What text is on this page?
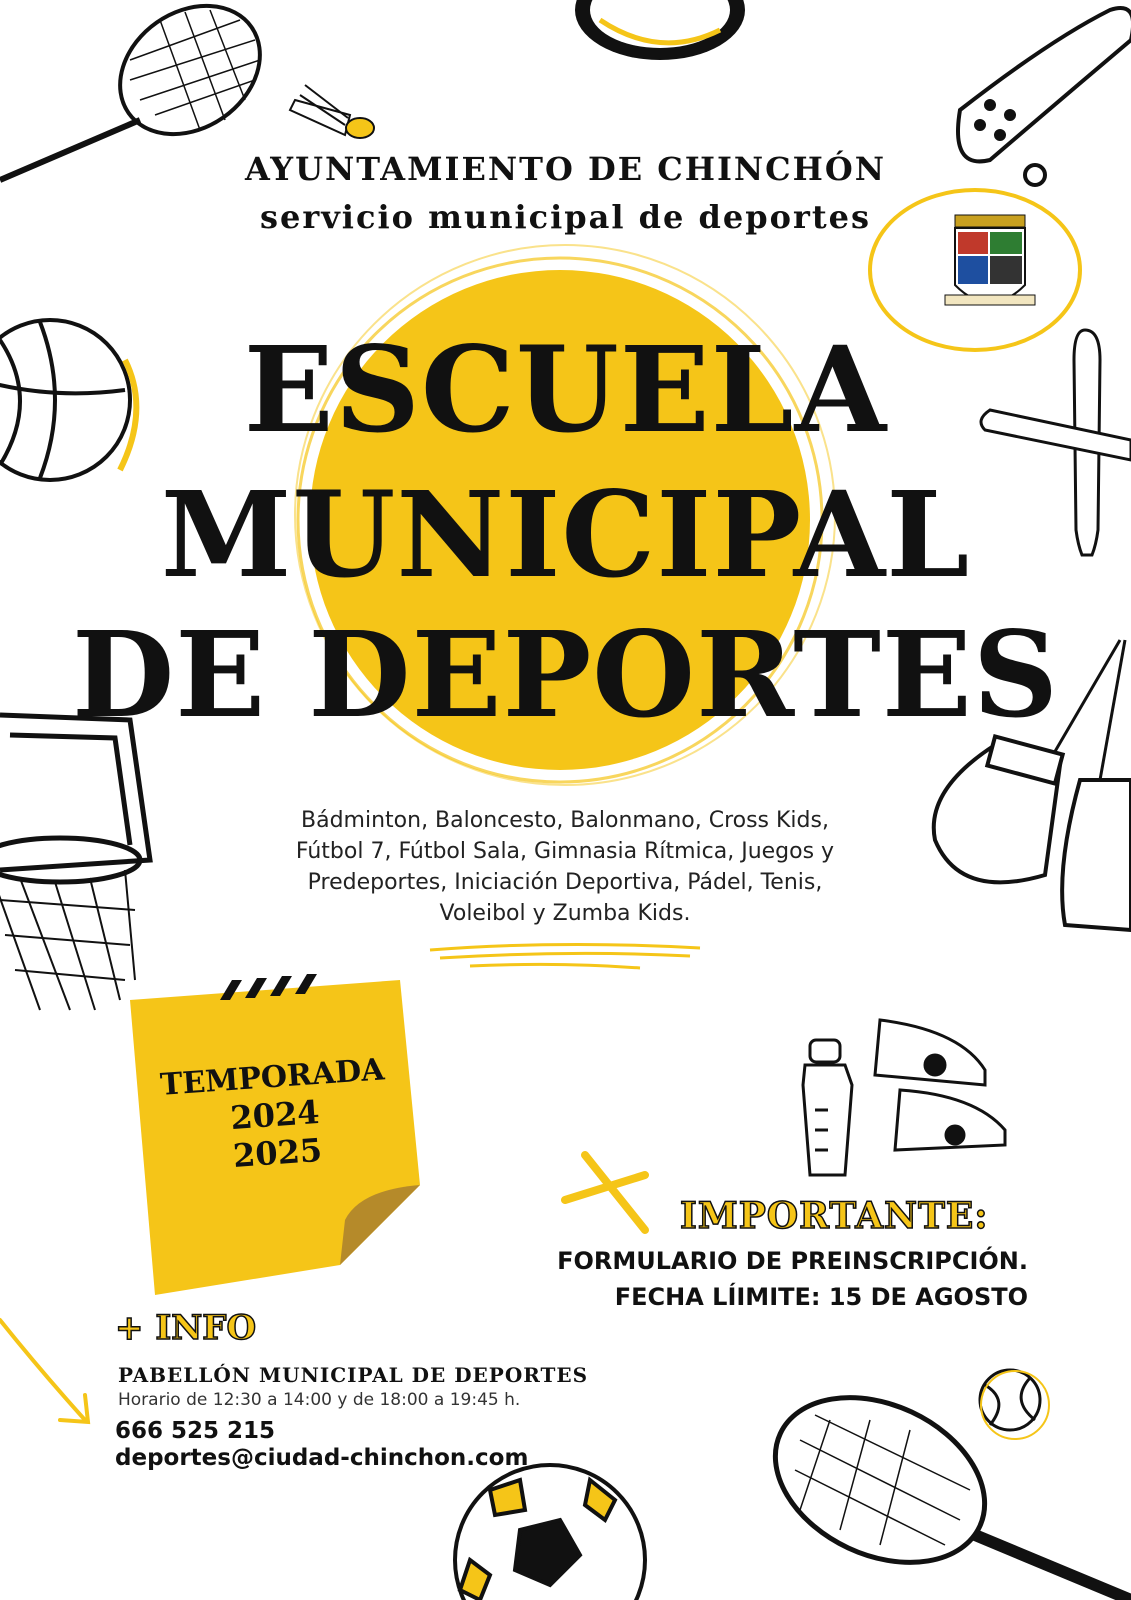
AYUNTAMIENTO DE CHINCHÓN
servicio municipal de deportes
ESCUELA
MUNICIPAL
DE DEPORTES
Bádminton, Baloncesto, Balonmano, Cross Kids,
Fútbol 7, Fútbol Sala, Gimnasia Rítmica, Juegos y
Predeportes, Iniciación Deportiva, Pádel, Tenis,
Voleibol y Zumba Kids.
TEMPORADA
2024
2025
IMPORTANTE:
FORMULARIO DE PREINSCRIPCIÓN.
FECHA LÍIMITE: 15 DE AGOSTO
+ INFO
PABELLÓN MUNICIPAL DE DEPORTES
Horario de 12:30 a 14:00 y de 18:00 a 19:45 h.
666 525 215
deportes@ciudad-chinchon.com
